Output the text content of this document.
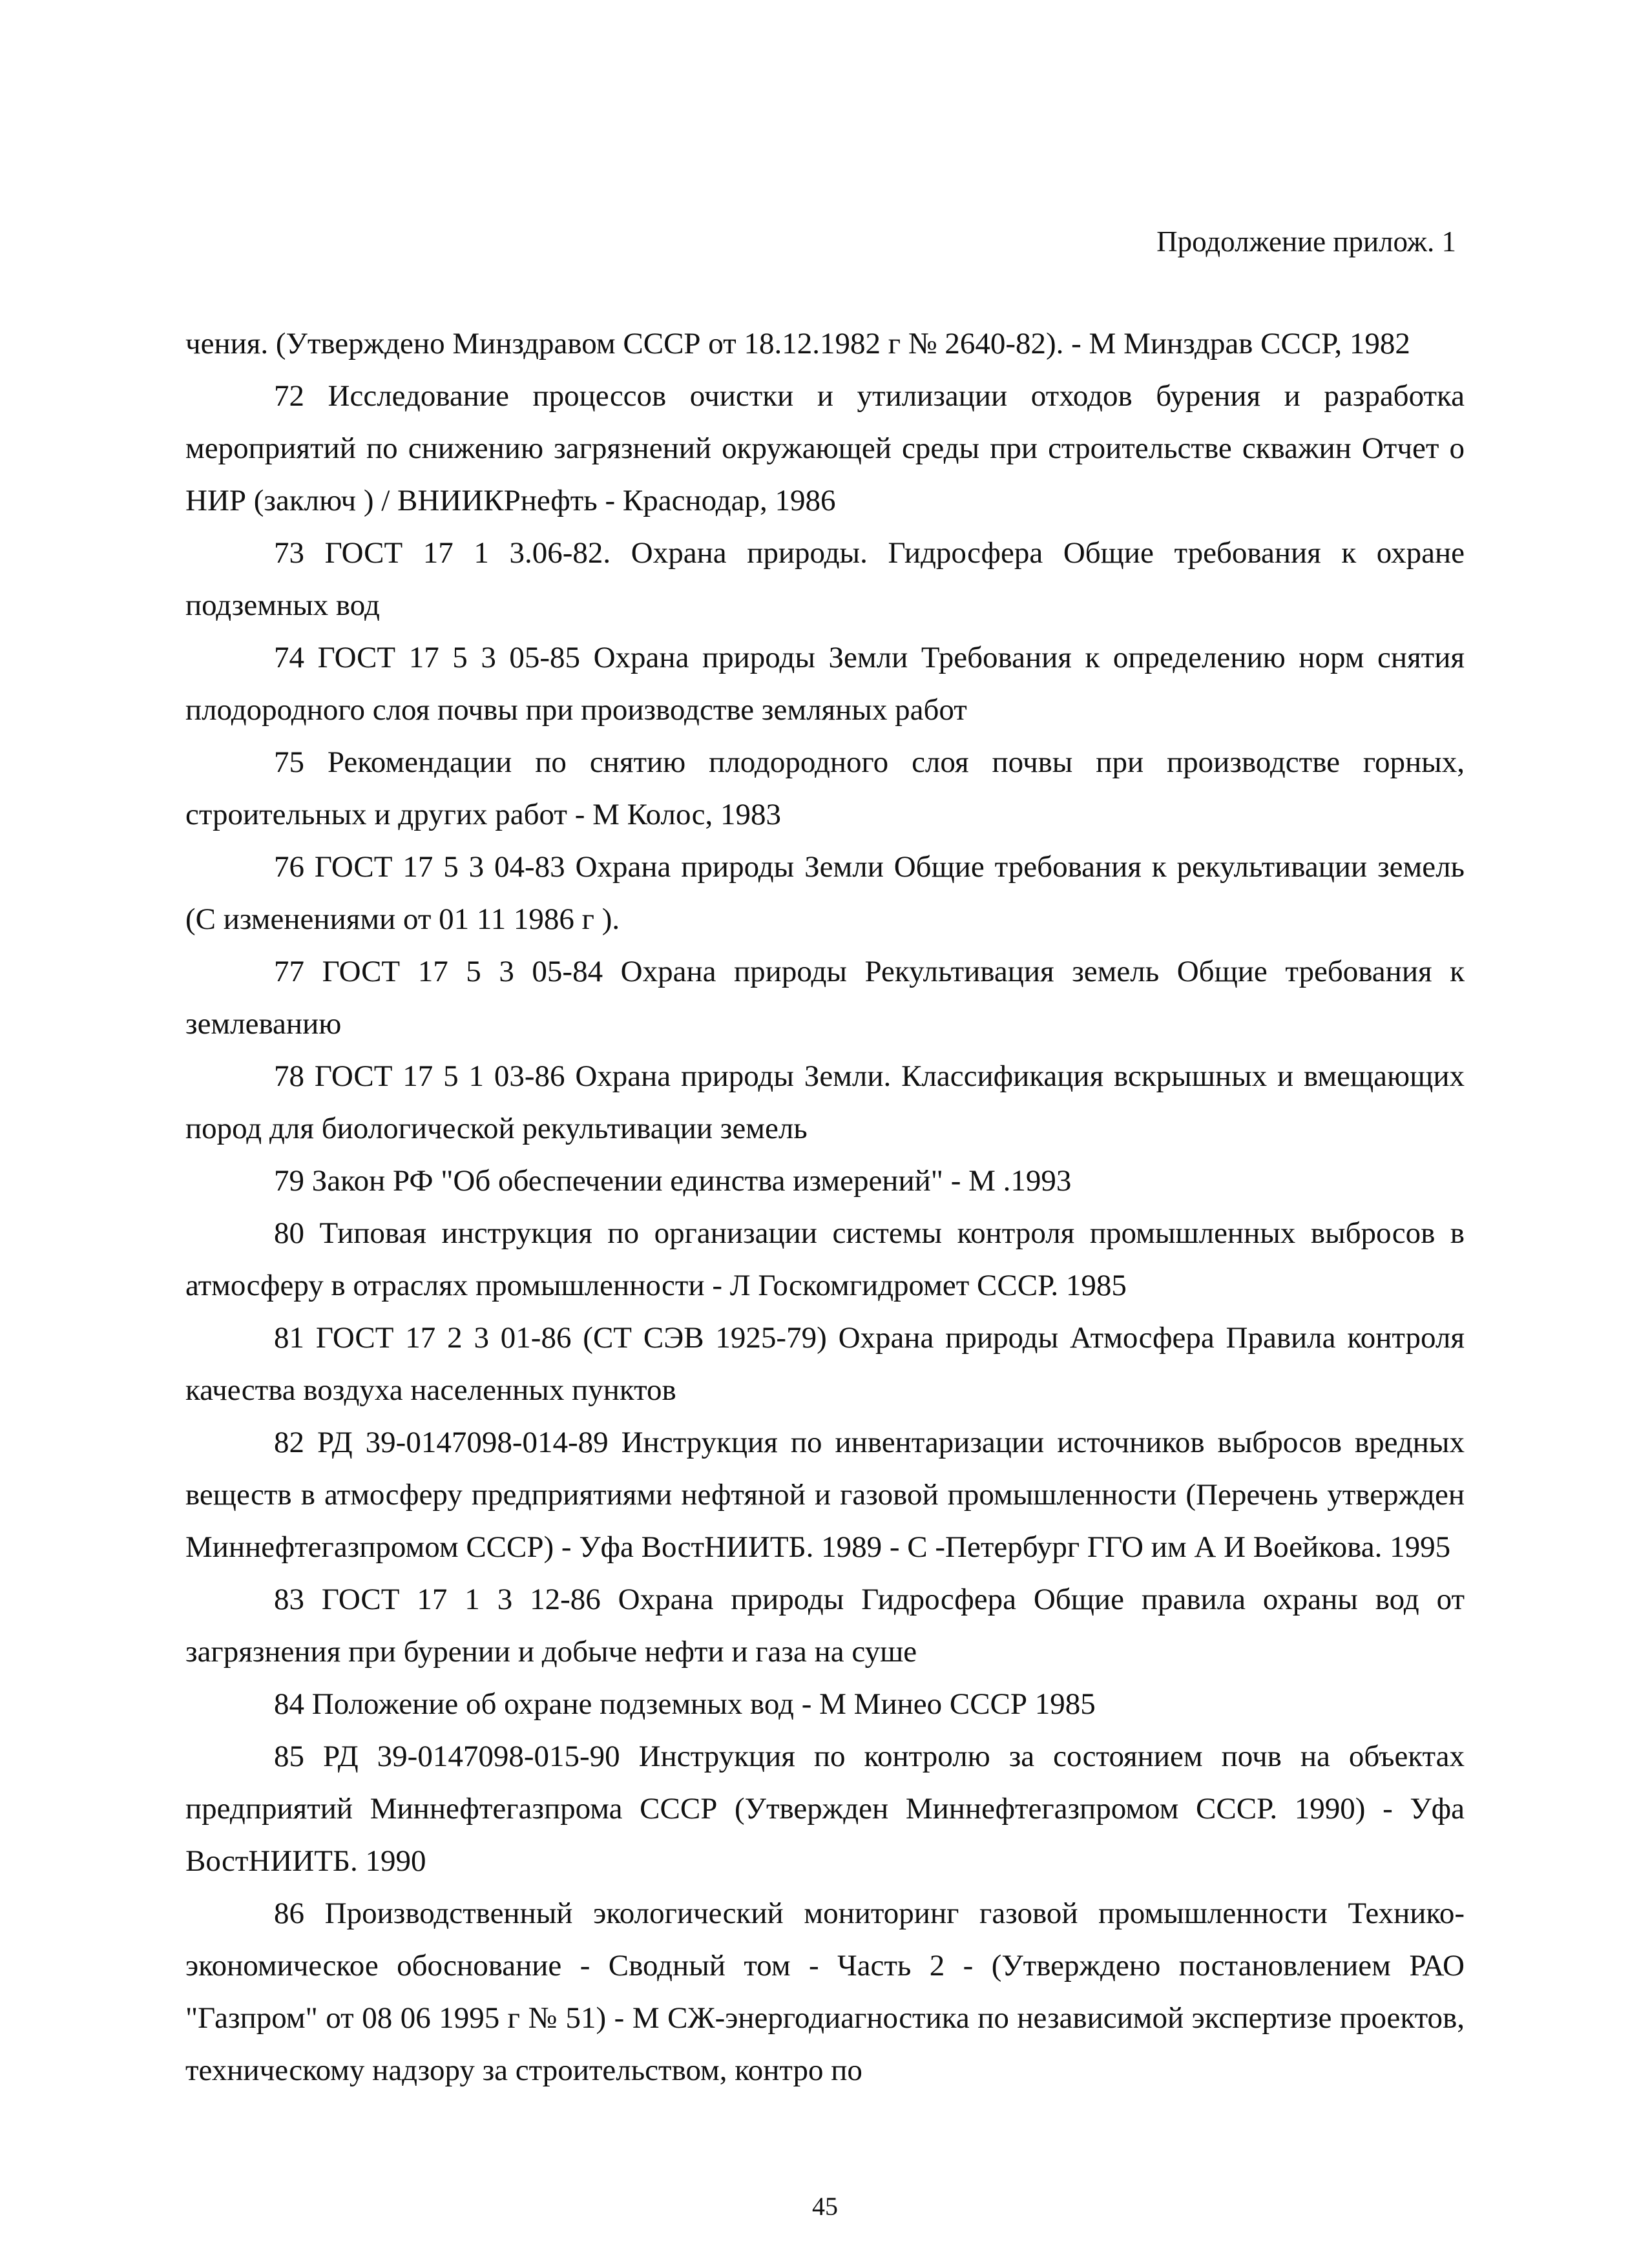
Продолжение прилож. 1

чения. (Утверждено Минздравом СССР от 18.12.1982 г № 2640-82). - М Минздрав СССР, 1982

72 Исследование процессов очистки и утилизации отходов бурения и разработка мероприятий по снижению загрязнений окружающей среды при строительстве скважин Отчет о НИР (заключ ) / ВНИИКРнефть - Краснодар, 1986

73 ГОСТ 17 1 3.06-82. Охрана природы. Гидросфера Общие требования к охране подземных вод

74 ГОСТ 17 5 3 05-85 Охрана природы Земли Требования к определению норм снятия плодородного слоя почвы при производстве земляных работ

75 Рекомендации по снятию плодородного слоя почвы при производстве горных, строительных и других работ - М Колос, 1983

76 ГОСТ 17 5 3 04-83 Охрана природы Земли Общие требования к рекультивации земель (С изменениями от 01 11 1986 г ).

77 ГОСТ 17 5 3 05-84 Охрана природы Рекультивация земель Общие требования к землеванию

78 ГОСТ 17 5 1 03-86 Охрана природы Земли. Классификация вскрышных и вмещающих пород для биологической рекультивации земель

79 Закон РФ "Об обеспечении единства измерений" - М .1993

80 Типовая инструкция по организации системы контроля промышленных выбросов в атмосферу в отраслях промышленности - Л Госкомгидромет СССР. 1985

81 ГОСТ 17 2 3 01-86 (СТ СЭВ 1925-79) Охрана природы Атмосфера Правила контроля качества воздуха населенных пунктов

82 РД 39-0147098-014-89 Инструкция по инвентаризации источников выбросов вредных веществ в атмосферу предприятиями нефтяной и газовой промышленности (Перечень утвержден Миннефтегазпромом СССР) - Уфа ВостНИИТБ. 1989 - С -Петербург ГГО им А И Воейкова. 1995

83 ГОСТ 17 1 3 12-86 Охрана природы Гидросфера Общие правила охраны вод от загрязнения при бурении и добыче нефти и газа на суше

84 Положение об охране подземных вод - М Минео СССР 1985

85 РД 39-0147098-015-90 Инструкция по контролю за состоянием почв на объектах предприятий Миннефтегазпрома СССР (Утвержден Миннефтегазпромом СССР. 1990) - Уфа ВостНИИТБ. 1990

86 Производственный экологический мониторинг газовой промышленности Технико-экономическое обоснование - Сводный том - Часть 2 - (Утверждено постановлением РАО "Газпром" от 08 06 1995 г № 51) - М СЖ-энергодиагностика по независимой экспертизе проектов, техническому надзору за строительством, контро по

45
